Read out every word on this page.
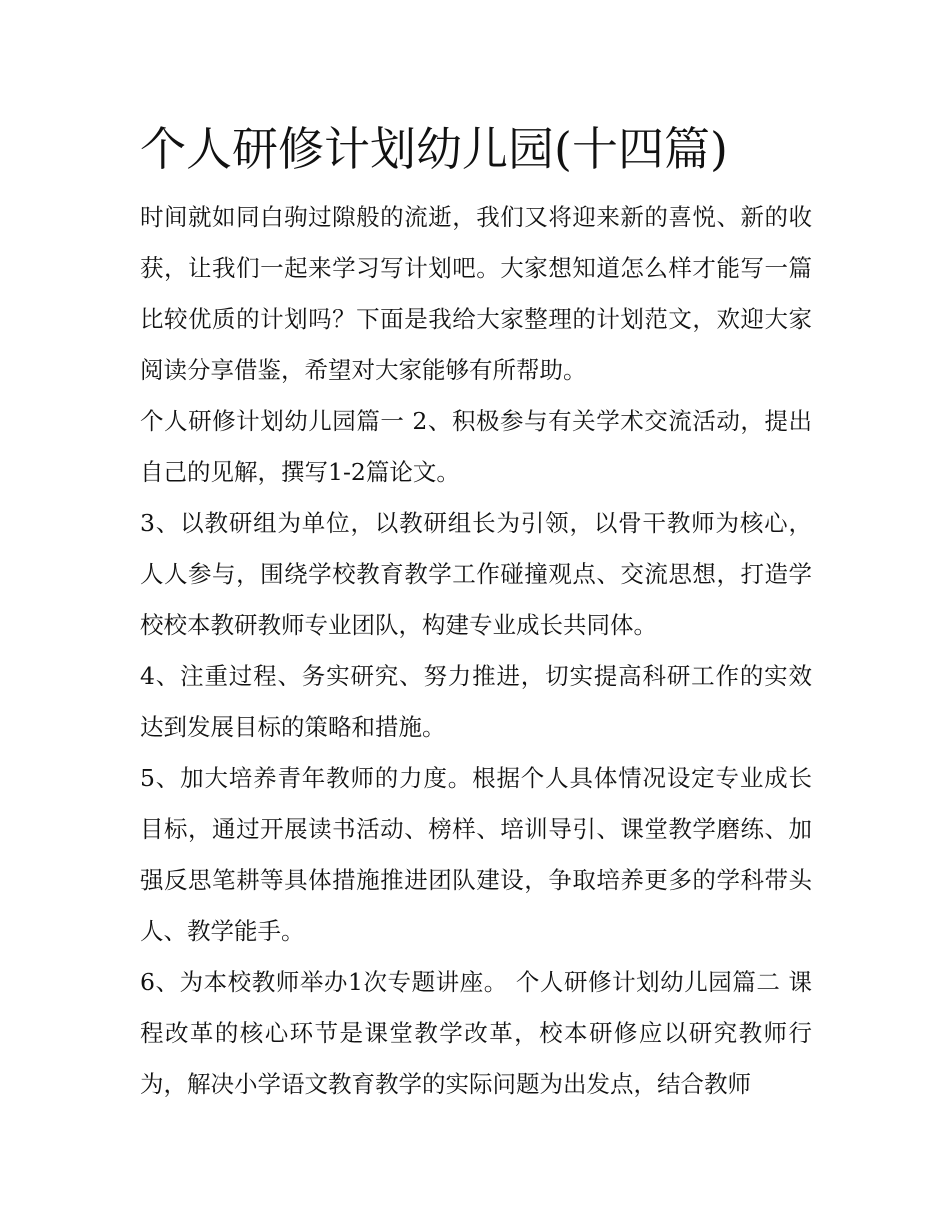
个人研修计划幼儿园(十四篇)

时间就如同白驹过隙般的流逝，我们又将迎来新的喜悦、新的收获，让我们一起来学习写计划吧。大家想知道怎么样才能写一篇比较优质的计划吗？下面是我给大家整理的计划范文，欢迎大家阅读分享借鉴，希望对大家能够有所帮助。

个人研修计划幼儿园篇一 2、积极参与有关学术交流活动，提出自己的见解，撰写1-2篇论文。

3、以教研组为单位，以教研组长为引领，以骨干教师为核心，人人参与，围绕学校教育教学工作碰撞观点、交流思想，打造学校校本教研教师专业团队，构建专业成长共同体。

4、注重过程、务实研究、努力推进，切实提高科研工作的实效达到发展目标的策略和措施。

5、加大培养青年教师的力度。根据个人具体情况设定专业成长目标，通过开展读书活动、榜样、培训导引、课堂教学磨练、加强反思笔耕等具体措施推进团队建设，争取培养更多的学科带头人、教学能手。

6、为本校教师举办1次专题讲座。 个人研修计划幼儿园篇二 课程改革的核心环节是课堂教学改革，校本研修应以研究教师行为，解决小学语文教育教学的实际问题为出发点，结合教师
